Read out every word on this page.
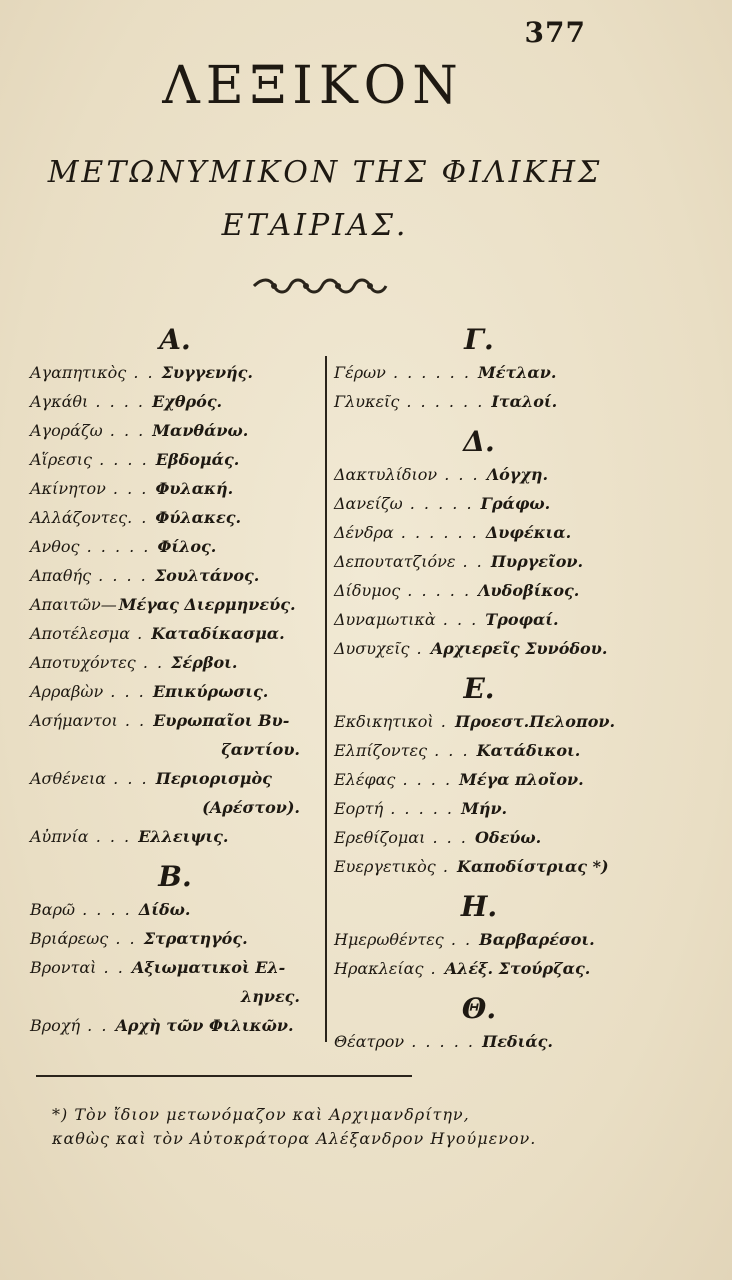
377
ΛΕΞΙΚΟΝ
ΜΕΤΩΝΥΜΙΚΟΝ ΤΗΣ ΦΙΛΙΚΗΣ
ΕΤΑΙΡΙΑΣ.
Α.
Αγαπητικὸς . . Συγγενής.
Αγκάθι . . . . Εχθρός.
Αγοράζω . . . Μανθάνω.
Αἵρεσις . . . . Εβδομάς.
Ακίνητον . . . Φυλακή.
Αλλάζοντες. . Φύλακες.
Ανθος . . . . . Φίλος.
Απαθής . . . . Σουλτάνος.
Απαιτῶν—Μέγας Διερμηνεύς.
Αποτέλεσμα . Καταδίκασμα.
Αποτυχόντες . . Σέρβοι.
Αρραβὼν . . . Επικύρωσις.
Ασήμαντοι . . Ευρωπαῖοι Βυ-
ζαντίου.
Ασθένεια . . . Περιορισμὸς
(Αρέστον).
Αὐπνία . . . Ελλειψις.
Β.
Βαρῶ . . . . Δίδω.
Βριάρεως . . Στρατηγός.
Βρονταὶ . . Αξιωματικοὶ Ελ-
ληνες.
Βροχή . . Αρχὴ τῶν Φιλικῶν.
Γ.
Γέρων . . . . . . Μέτλαν.
Γλυκεῖς . . . . . . Ιταλοί.
Δ.
Δακτυλίδιον . . . Λόγχη.
Δανείζω . . . . . Γράφω.
Δένδρα . . . . . . Δυφέκια.
Δεπουτατζιόνε . . Πυργεῖον.
Δίδυμος . . . . . Λυδοβίκος.
Δυναμωτικὰ . . . Τροφαί.
Δυσυχεῖς . Αρχιερεῖς Συνόδου.
Ε.
Εκδικητικοὶ . Προεστ.Πελοπον.
Ελπίζοντες . . . Κατάδικοι.
Ελέφας . . . . Μέγα πλοῖον.
Εορτή . . . . . Μήν.
Ερεθίζομαι . . . Οδεύω.
Ευεργετικὸς . Καποδίστριας *)
Η.
Ημερωθέντες . . Βαρβαρέσοι.
Ηρακλείας . Αλέξ. Στούρζας.
Θ.
Θέατρον . . . . . Πεδιάς.
*) Τὸν ἴδιον μετωνόμαζον καὶ Αρχιμανδρίτην,
καθὼς καὶ τὸν Αὐτοκράτορα Αλέξανδρον Ηγούμενον.
